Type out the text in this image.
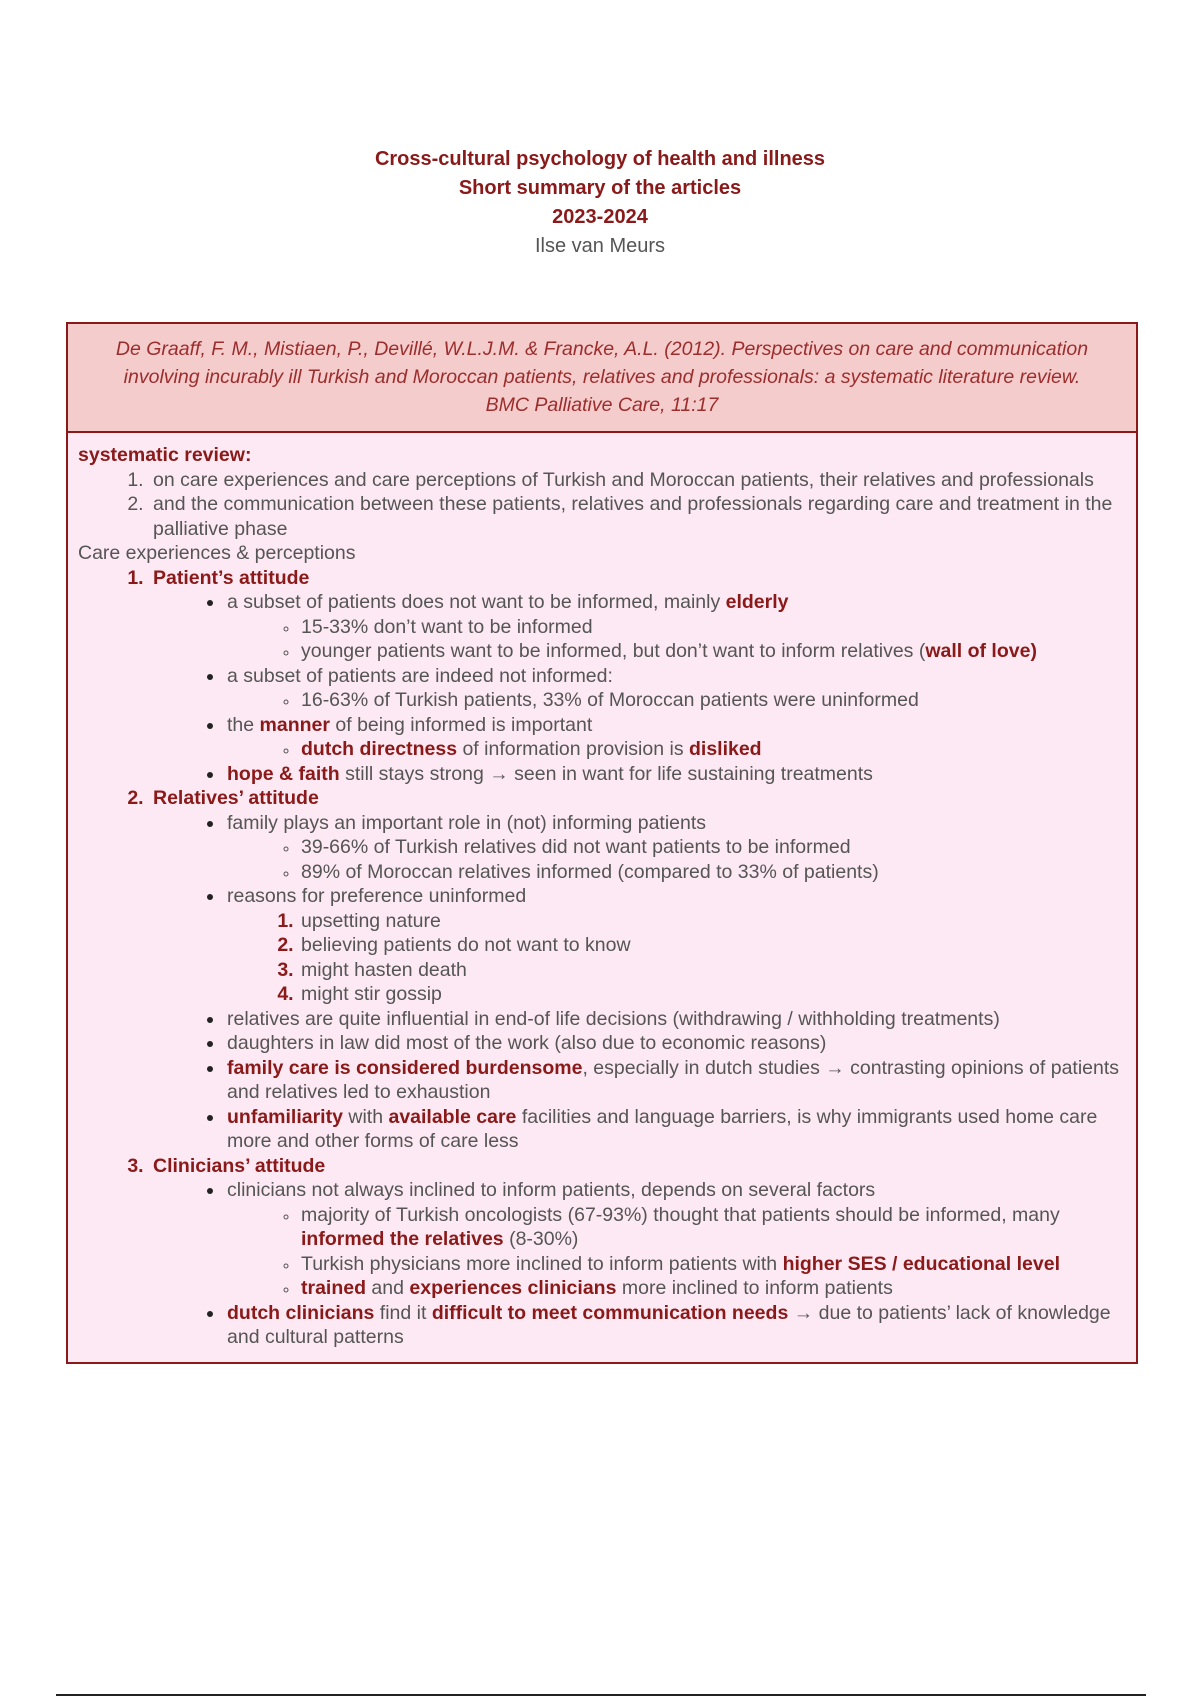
Cross-cultural psychology of health and illness
Short summary of the articles
2023-2024
Ilse van Meurs
De Graaff, F. M., Mistiaen, P., Devillé, W.L.J.M. & Francke, A.L. (2012). Perspectives on care and communication involving incurably ill Turkish and Moroccan patients, relatives and professionals: a systematic literature review. BMC Palliative Care, 11:17

systematic review:

1. on care experiences and care perceptions of Turkish and Moroccan patients, their relatives and professionals
2. and the communication between these patients, relatives and professionals regarding care and treatment in the palliative phase

Care experiences & perceptions

1. Patient’s attitude
• a subset of patients does not want to be informed, mainly elderly
◦ 15-33% don’t want to be informed
◦ younger patients want to be informed, but don’t want to inform relatives (wall of love)
• a subset of patients are indeed not informed:
◦ 16-63% of Turkish patients, 33% of Moroccan patients were uninformed
• the manner of being informed is important
◦ dutch directness of information provision is disliked
• hope & faith still stays strong → seen in want for life sustaining treatments
2. Relatives’ attitude
• family plays an important role in (not) informing patients
◦ 39-66% of Turkish relatives did not want patients to be informed
◦ 89% of Moroccan relatives informed (compared to 33% of patients)
• reasons for preference uninformed
1. upsetting nature
2. believing patients do not want to know
3. might hasten death
4. might stir gossip
• relatives are quite influential in end-of life decisions (withdrawing / withholding treatments)
• daughters in law did most of the work (also due to economic reasons)
• family care is considered burdensome, especially in dutch studies → contrasting opinions of patients and relatives led to exhaustion
• unfamiliarity with available care facilities and language barriers, is why immigrants used home care more and other forms of care less
3. Clinicians’ attitude
• clinicians not always inclined to inform patients, depends on several factors
◦ majority of Turkish oncologists (67-93%) thought that patients should be informed, many informed the relatives (8-30%)
◦ Turkish physicians more inclined to inform patients with higher SES / educational level
◦ trained and experiences clinicians more inclined to inform patients
• dutch clinicians find it difficult to meet communication needs → due to patients’ lack of knowledge and cultural patterns
